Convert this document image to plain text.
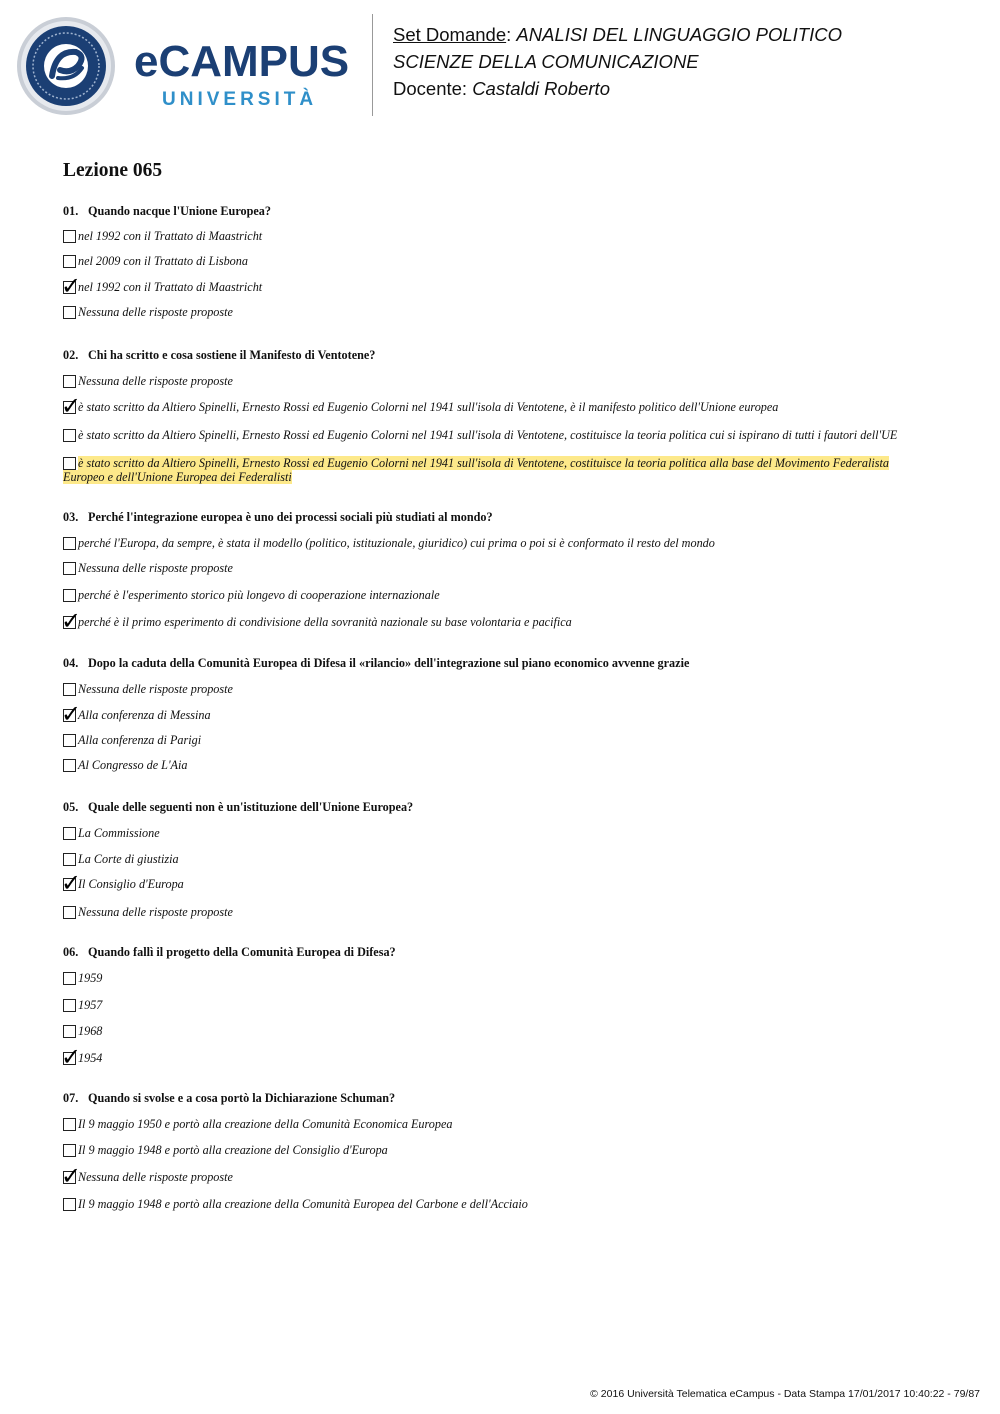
eCAMPUS
UNIVERSITÀ
Set Domande: ANALISI DEL LINGUAGGIO POLITICO
SCIENZE DELLA COMUNICAZIONE
Docente: Castaldi Roberto
Lezione 065
01. Quando nacque l'Unione Europea?
nel 1992 con il Trattato di Maastricht
nel 2009 con il Trattato di Lisbona
✓
nel 1992 con il Trattato di Maastricht
Nessuna delle risposte proposte
02. Chi ha scritto e cosa sostiene il Manifesto di Ventotene?
Nessuna delle risposte proposte
✓
è stato scritto da Altiero Spinelli, Ernesto Rossi ed Eugenio Colorni nel 1941 sull'isola di Ventotene, è il manifesto politico dell'Unione europea
è stato scritto da Altiero Spinelli, Ernesto Rossi ed Eugenio Colorni nel 1941 sull'isola di Ventotene, costituisce la teoria politica cui si ispirano di tutti i fautori dell'UE
è stato scritto da Altiero Spinelli, Ernesto Rossi ed Eugenio Colorni nel 1941 sull'isola di Ventotene, costituisce la teoria politica alla base del Movimento Federalista Europeo e dell'Unione Europea dei Federalisti
03. Perché l'integrazione europea è uno dei processi sociali più studiati al mondo?
perché l'Europa, da sempre, è stata il modello (politico, istituzionale, giuridico) cui prima o poi si è conformato il resto del mondo
Nessuna delle risposte proposte
perché è l'esperimento storico più longevo di cooperazione internazionale
✓
perché è il primo esperimento di condivisione della sovranità nazionale su base volontaria e pacifica
04. Dopo la caduta della Comunità Europea di Difesa il «rilancio» dell'integrazione sul piano economico avvenne grazie
Nessuna delle risposte proposte
✓
Alla conferenza di Messina
Alla conferenza di Parigi
Al Congresso de L'Aia
05. Quale delle seguenti non è un'istituzione dell'Unione Europea?
La Commissione
La Corte di giustizia
✓
Il Consiglio d'Europa
Nessuna delle risposte proposte
06. Quando fallì il progetto della Comunità Europea di Difesa?
1959
1957
1968
✓
1954
07. Quando si svolse e a cosa portò la Dichiarazione Schuman?
Il 9 maggio 1950 e portò alla creazione della Comunità Economica Europea
Il 9 maggio 1948 e portò alla creazione del Consiglio d'Europa
✓
Nessuna delle risposte proposte
Il 9 maggio 1948 e portò alla creazione della Comunità Europea del Carbone e dell'Acciaio
© 2016 Università Telematica eCampus - Data Stampa 17/01/2017 10:40:22 - 79/87
